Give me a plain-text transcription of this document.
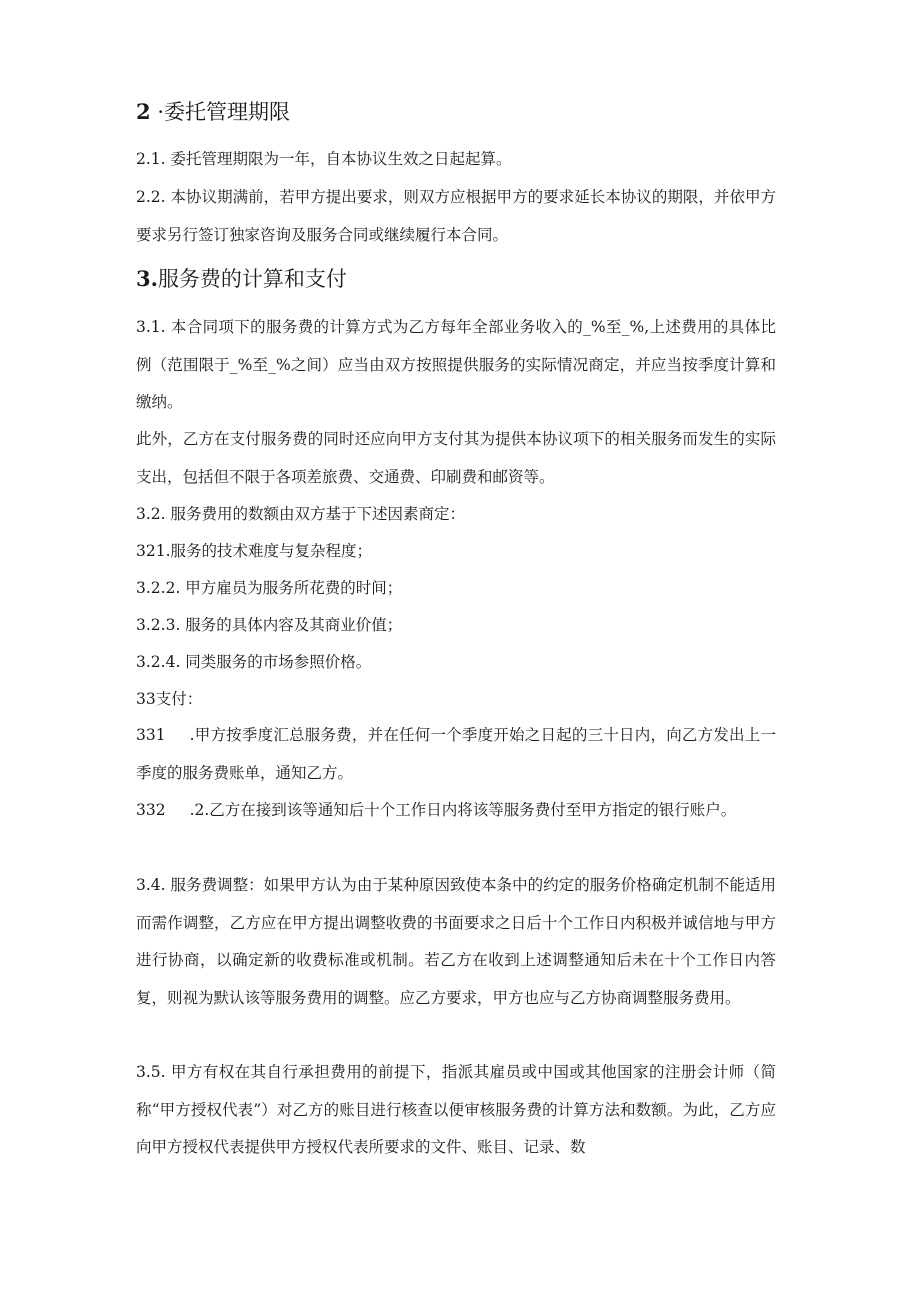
2 ·委托管理期限
2.1. 委托管理期限为一年，自本协议生效之日起起算。
2.2. 本协议期满前，若甲方提出要求，则双方应根据甲方的要求延长本协议的期限，并依甲方要求另行签订独家咨询及服务合同或继续履行本合同。
3.服务费的计算和支付
3.1. 本合同项下的服务费的计算方式为乙方每年全部业务收入的_%至_%,上述费用的具体比例（范围限于_%至_%之间）应当由双方按照提供服务的实际情况商定，并应当按季度计算和缴纳。
此外，乙方在支付服务费的同时还应向甲方支付其为提供本协议项下的相关服务而发生的实际支出，包括但不限于各项差旅费、交通费、印刷费和邮资等。
3.2. 服务费用的数额由双方基于下述因素商定：
321.服务的技术难度与复杂程度；
3.2.2. 甲方雇员为服务所花费的时间；
3.2.3. 服务的具体内容及其商业价值；
3.2.4. 同类服务的市场参照价格。
33支付：
331 .甲方按季度汇总服务费，并在任何一个季度开始之日起的三十日内，向乙方发出上一季度的服务费账单，通知乙方。
332 .2.乙方在接到该等通知后十个工作日内将该等服务费付至甲方指定的银行账户。
3.4. 服务费调整：如果甲方认为由于某种原因致使本条中的约定的服务价格确定机制不能适用而需作调整，乙方应在甲方提出调整收费的书面要求之日后十个工作日内积极并诚信地与甲方进行协商，以确定新的收费标准或机制。若乙方在收到上述调整通知后未在十个工作日内答复，则视为默认该等服务费用的调整。应乙方要求，甲方也应与乙方协商调整服务费用。
3.5. 甲方有权在其自行承担费用的前提下，指派其雇员或中国或其他国家的注册会计师（简称“甲方授权代表”）对乙方的账目进行核查以便审核服务费的计算方法和数额。为此，乙方应向甲方授权代表提供甲方授权代表所要求的文件、账目、记录、数
